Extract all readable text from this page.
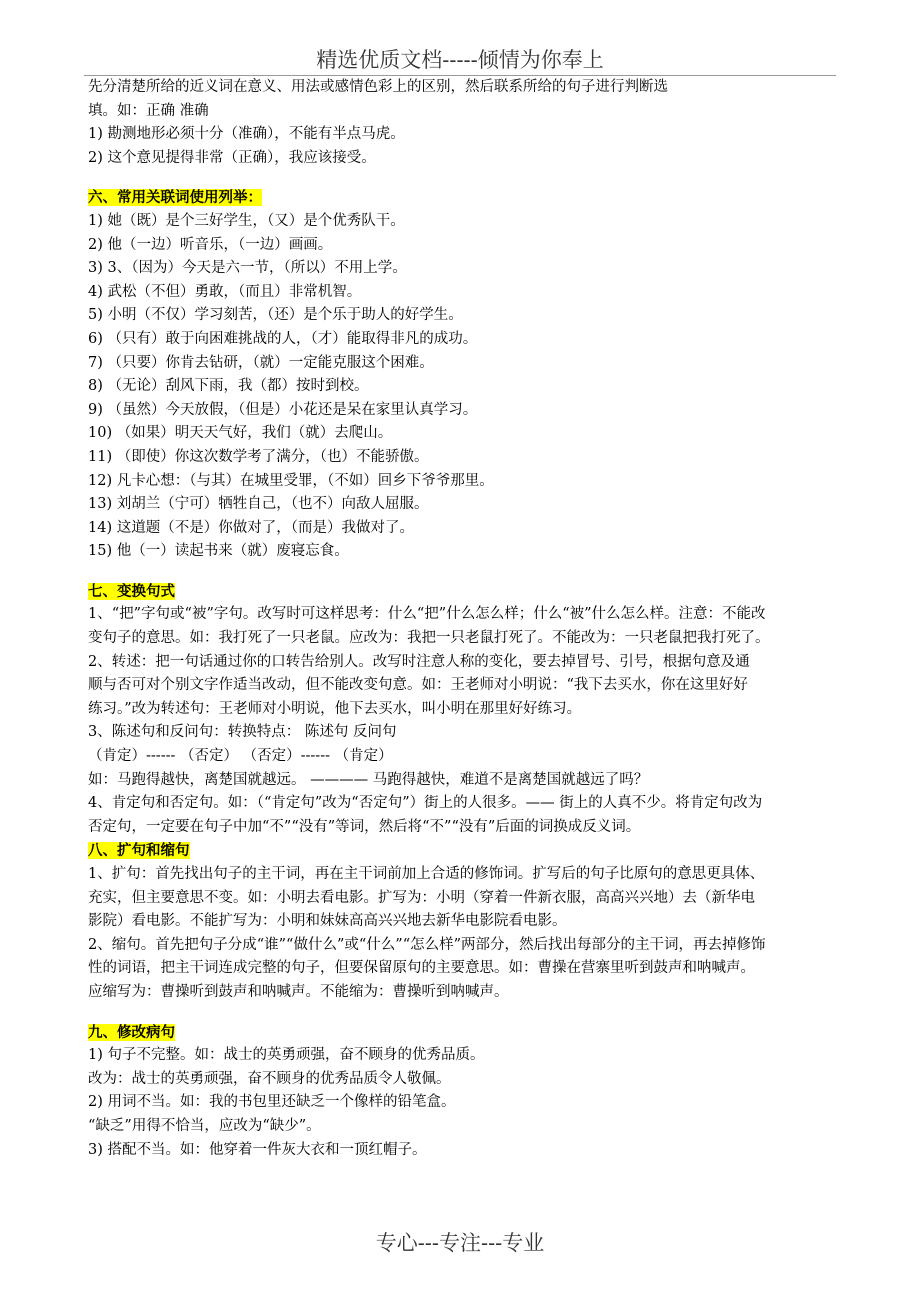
精选优质文档-----倾情为你奉上
先分清楚所给的近义词在意义、用法或感情色彩上的区别，然后联系所给的句子进行判断选
填。如：正确 准确
1) 勘测地形必须十分（准确），不能有半点马虎。
2) 这个意见提得非常（正确），我应该接受。
六、常用关联词使用列举：
1) 她（既）是个三好学生，（又）是个优秀队干。
2) 他（一边）听音乐，（一边）画画。
3) 3、（因为）今天是六一节，（所以）不用上学。
4) 武松（不但）勇敢，（而且）非常机智。
5) 小明（不仅）学习刻苦，（还）是个乐于助人的好学生。
6) （只有）敢于向困难挑战的人，（才）能取得非凡的成功。
7) （只要）你肯去钻研，（就）一定能克服这个困难。
8) （无论）刮风下雨，我（都）按时到校。
9) （虽然）今天放假，（但是）小花还是呆在家里认真学习。
10) （如果）明天天气好，我们（就）去爬山。
11) （即使）你这次数学考了满分，（也）不能骄傲。
12) 凡卡心想：（与其）在城里受罪，（不如）回乡下爷爷那里。
13) 刘胡兰（宁可）牺牲自己，（也不）向敌人屈服。
14) 这道题（不是）你做对了，（而是）我做对了。
15) 他（一）读起书来（就）废寝忘食。
七、变换句式
1、“把”字句或“被”字句。改写时可这样思考：什么“把”什么怎么样；什么“被”什么怎么样。注意：不能改
变句子的意思。如：我打死了一只老鼠。应改为：我把一只老鼠打死了。不能改为：一只老鼠把我打死了。
2、转述：把一句话通过你的口转告给别人。改写时注意人称的变化，要去掉冒号、引号，根据句意及通
顺与否可对个别文字作适当改动，但不能改变句意。如：王老师对小明说：“我下去买水，你在这里好好
练习。”改为转述句：王老师对小明说，他下去买水，叫小明在那里好好练习。
3、陈述句和反问句：转换特点： 陈述句 反问句
（肯定）------ （否定） （否定）------ （肯定）
如：马跑得越快，离楚国就越远。 ———— 马跑得越快，难道不是离楚国就越远了吗？
4、肯定句和否定句。如：（“肯定句”改为“否定句”）街上的人很多。—— 街上的人真不少。将肯定句改为
否定句，一定要在句子中加“不”“没有”等词，然后将“不”“没有”后面的词换成反义词。
八、扩句和缩句
1、扩句：首先找出句子的主干词，再在主干词前加上合适的修饰词。扩写后的句子比原句的意思更具体、
充实，但主要意思不变。如：小明去看电影。扩写为：小明（穿着一件新衣服，高高兴兴地）去（新华电
影院）看电影。不能扩写为：小明和妹妹高高兴兴地去新华电影院看电影。
2、缩句。首先把句子分成“谁”“做什么”或“什么”“怎么样”两部分，然后找出每部分的主干词，再去掉修饰
性的词语，把主干词连成完整的句子，但要保留原句的主要意思。如：曹操在营寨里听到鼓声和呐喊声。
应缩写为：曹操听到鼓声和呐喊声。不能缩为：曹操听到呐喊声。
九、修改病句
1) 句子不完整。如：战士的英勇顽强，奋不顾身的优秀品质。
改为：战士的英勇顽强，奋不顾身的优秀品质令人敬佩。
2) 用词不当。如：我的书包里还缺乏一个像样的铅笔盒。
“缺乏”用得不恰当，应改为“缺少”。
3) 搭配不当。如：他穿着一件灰大衣和一顶红帽子。
专心---专注---专业
